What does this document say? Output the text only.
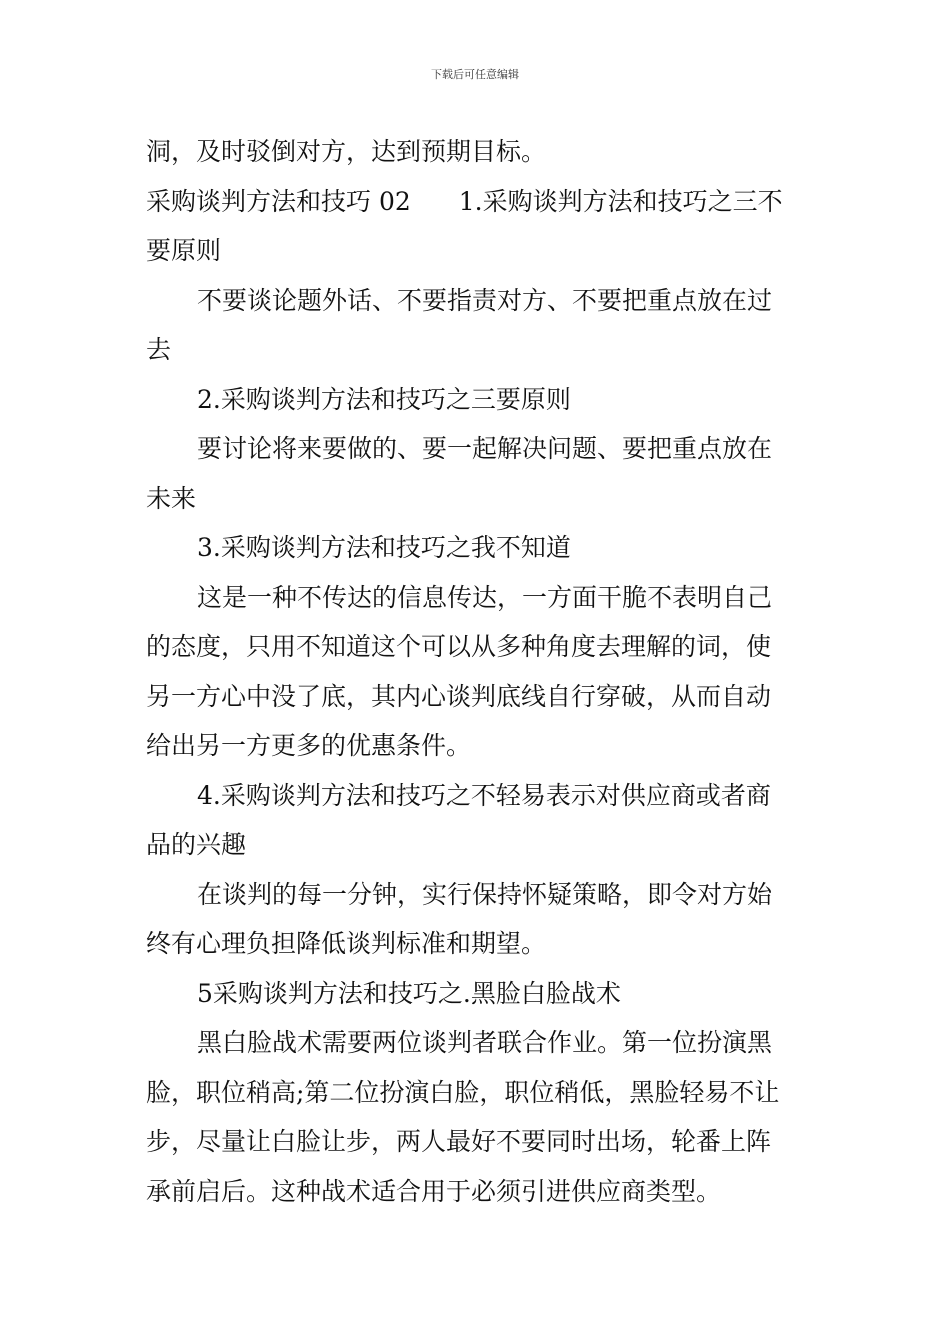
下载后可任意编辑
洞，及时驳倒对方，达到预期目标。
采购谈判方法和技巧 02 1.采购谈判方法和技巧之三不
要原则
不要谈论题外话、不要指责对方、不要把重点放在过
去
2.采购谈判方法和技巧之三要原则
要讨论将来要做的、要一起解决问题、要把重点放在
未来
3.采购谈判方法和技巧之我不知道
这是一种不传达的信息传达，一方面干脆不表明自己
的态度，只用不知道这个可以从多种角度去理解的词，使
另一方心中没了底，其内心谈判底线自行穿破，从而自动
给出另一方更多的优惠条件。
4.采购谈判方法和技巧之不轻易表示对供应商或者商
品的兴趣
在谈判的每一分钟，实行保持怀疑策略，即令对方始
终有心理负担降低谈判标准和期望。
5采购谈判方法和技巧之.黑脸白脸战术
黑白脸战术需要两位谈判者联合作业。第一位扮演黑
脸，职位稍高;第二位扮演白脸，职位稍低，黑脸轻易不让
步，尽量让白脸让步，两人最好不要同时出场，轮番上阵
承前启后。这种战术适合用于必须引进供应商类型。
